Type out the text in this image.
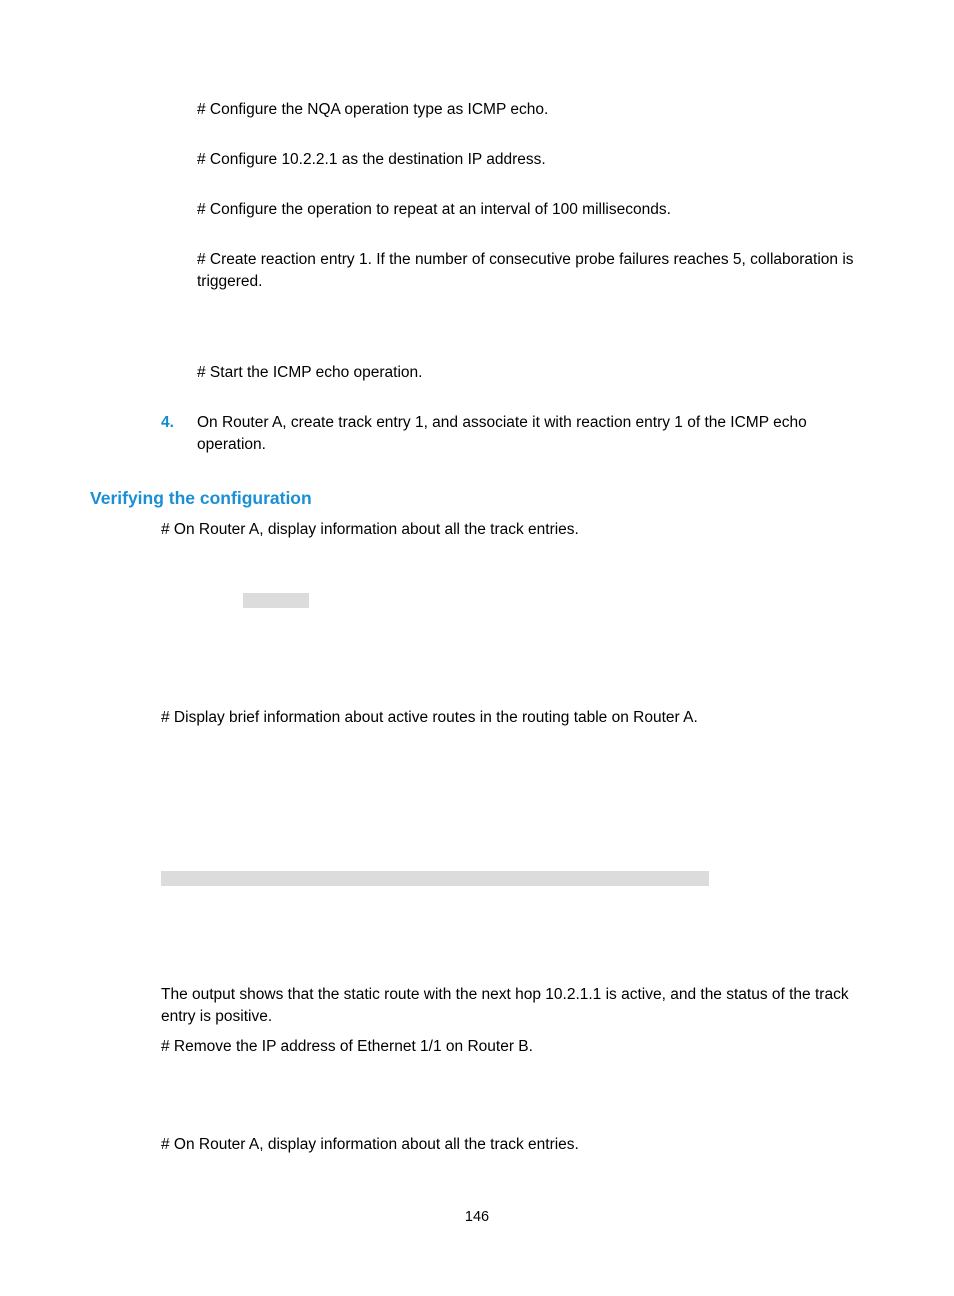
# Configure the NQA operation type as ICMP echo.
# Configure 10.2.2.1 as the destination IP address.
# Configure the operation to repeat at an interval of 100 milliseconds.
# Create reaction entry 1. If the number of consecutive probe failures reaches 5, collaboration is triggered.
# Start the ICMP echo operation.
4. On Router A, create track entry 1, and associate it with reaction entry 1 of the ICMP echo operation.
Verifying the configuration
# On Router A, display information about all the track entries.
# Display brief information about active routes in the routing table on Router A.
The output shows that the static route with the next hop 10.2.1.1 is active, and the status of the track entry is positive.
# Remove the IP address of Ethernet 1/1 on Router B.
# On Router A, display information about all the track entries.
146
